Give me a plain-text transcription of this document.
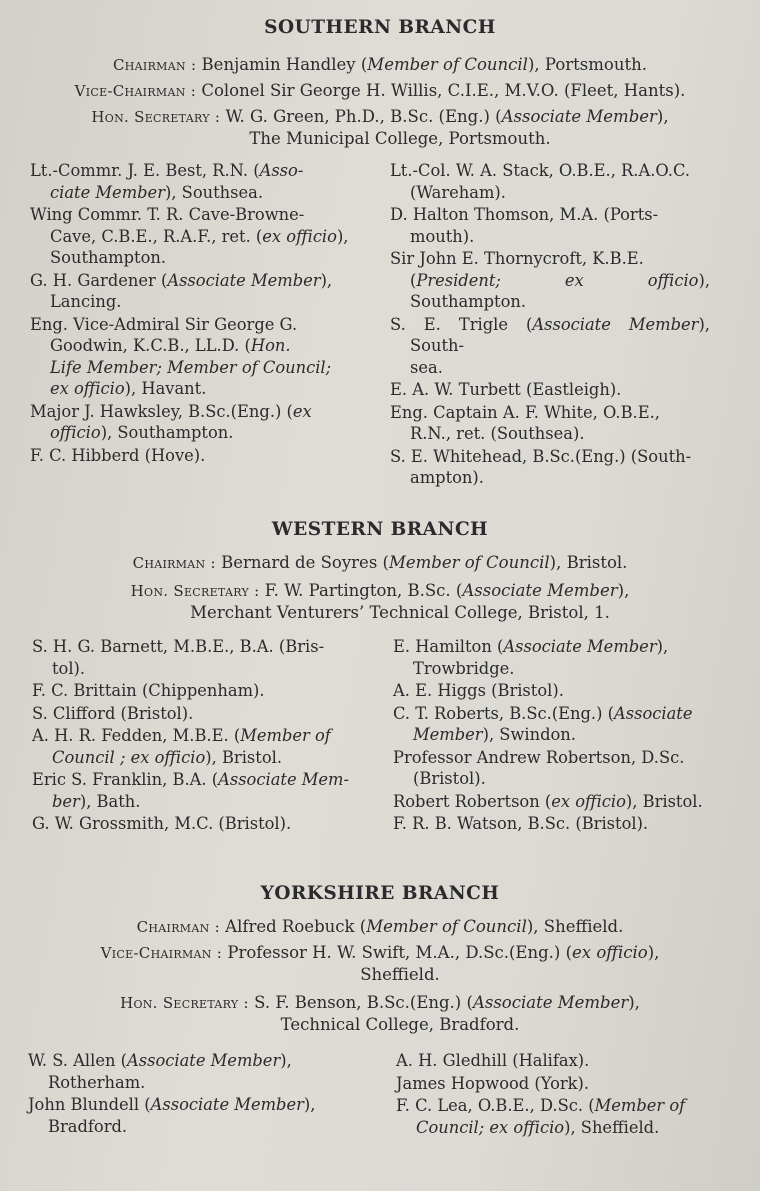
SOUTHERN BRANCH

Chairman : Benjamin Handley (Member of Council), Portsmouth.

Vice-Chairman : Colonel Sir George H. Willis, C.I.E., M.V.O. (Fleet, Hants).

Hon. Secretary : W. G. Green, Ph.D., B.Sc. (Eng.) (Associate Member),
The Municipal College, Portsmouth.

Lt.-Commr. J. E. Best, R.N. (Asso-
ciate Member), Southsea.

Wing Commr. T. R. Cave-Browne-
Cave, C.B.E., R.A.F., ret. (ex officio),
Southampton.

G. H. Gardener (Associate Member),
Lancing.

Eng. Vice-Admiral Sir George G.
Goodwin, K.C.B., LL.D. (Hon.
Life Member; Member of Council;
ex officio), Havant.

Major J. Hawksley, B.Sc.(Eng.) (ex
officio), Southampton.

F. C. Hibberd (Hove).

Lt.-Col. W. A. Stack, O.B.E., R.A.O.C.
(Wareham).

D. Halton Thomson, M.A. (Ports-
mouth).

Sir John E. Thornycroft, K.B.E.
(President; ex officio), Southampton.

S. E. Trigle (Associate Member), South-
sea.

E. A. W. Turbett (Eastleigh).

Eng. Captain A. F. White, O.B.E.,
R.N., ret. (Southsea).

S. E. Whitehead, B.Sc.(Eng.) (South-
ampton).

WESTERN BRANCH

Chairman : Bernard de Soyres (Member of Council), Bristol.

Hon. Secretary : F. W. Partington, B.Sc. (Associate Member),
Merchant Venturers’ Technical College, Bristol, 1.

S. H. G. Barnett, M.B.E., B.A. (Bris-
tol).

F. C. Brittain (Chippenham).

S. Clifford (Bristol).

A. H. R. Fedden, M.B.E. (Member of
Council ; ex officio), Bristol.

Eric S. Franklin, B.A. (Associate Mem-
ber), Bath.

G. W. Grossmith, M.C. (Bristol).

E. Hamilton (Associate Member),
Trowbridge.

A. E. Higgs (Bristol).

C. T. Roberts, B.Sc.(Eng.) (Associate
Member), Swindon.

Professor Andrew Robertson, D.Sc.
(Bristol).

Robert Robertson (ex officio), Bristol.

F. R. B. Watson, B.Sc. (Bristol).

YORKSHIRE BRANCH

Chairman : Alfred Roebuck (Member of Council), Sheffield.

Vice-Chairman : Professor H. W. Swift, M.A., D.Sc.(Eng.) (ex officio),
Sheffield.

Hon. Secretary : S. F. Benson, B.Sc.(Eng.) (Associate Member),
Technical College, Bradford.

W. S. Allen (Associate Member),
Rotherham.

John Blundell (Associate Member),
Bradford.

A. H. Gledhill (Halifax).

James Hopwood (York).

F. C. Lea, O.B.E., D.Sc. (Member of
Council; ex officio), Sheffield.
